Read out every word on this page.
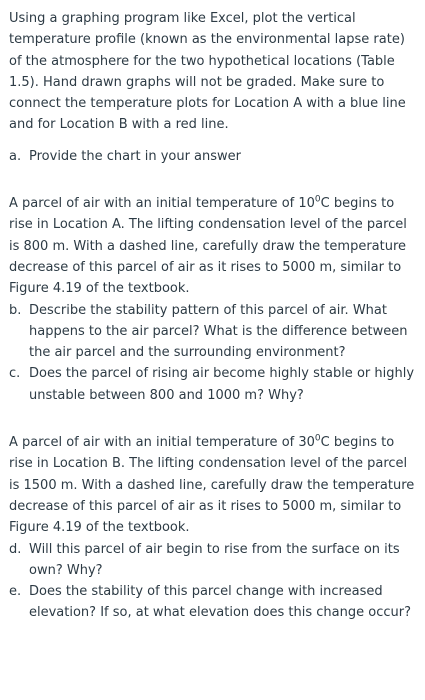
Using a graphing program like Excel, plot the vertical temperature profile (known as the environmental lapse rate) of the atmosphere for the two hypothetical locations (Table 1.5). Hand drawn graphs will not be graded. Make sure to connect the temperature plots for Location A with a blue line and for Location B with a red line.

a. Provide the chart in your answer

A parcel of air with an initial temperature of $10^0C$ begins to rise in Location A. The lifting condensation level of the parcel is 800 m. With a dashed line, carefully draw the temperature decrease of this parcel of air as it rises to 5000 m, similar to Figure 4.19 of the textbook.

b. Describe the stability pattern of this parcel of air. What happens to the air parcel? What is the difference between the air parcel and the surrounding environment?
c. Does the parcel of rising air become highly stable or highly unstable between 800 and 1000 m? Why?

A parcel of air with an initial temperature of $30^0C$ begins to rise in Location B. The lifting condensation level of the parcel is 1500 m. With a dashed line, carefully draw the temperature decrease of this parcel of air as it rises to 5000 m, similar to Figure 4.19 of the textbook.

d. Will this parcel of air begin to rise from the surface on its own? Why?
e. Does the stability of this parcel change with increased elevation? If so, at what elevation does this change occur?
